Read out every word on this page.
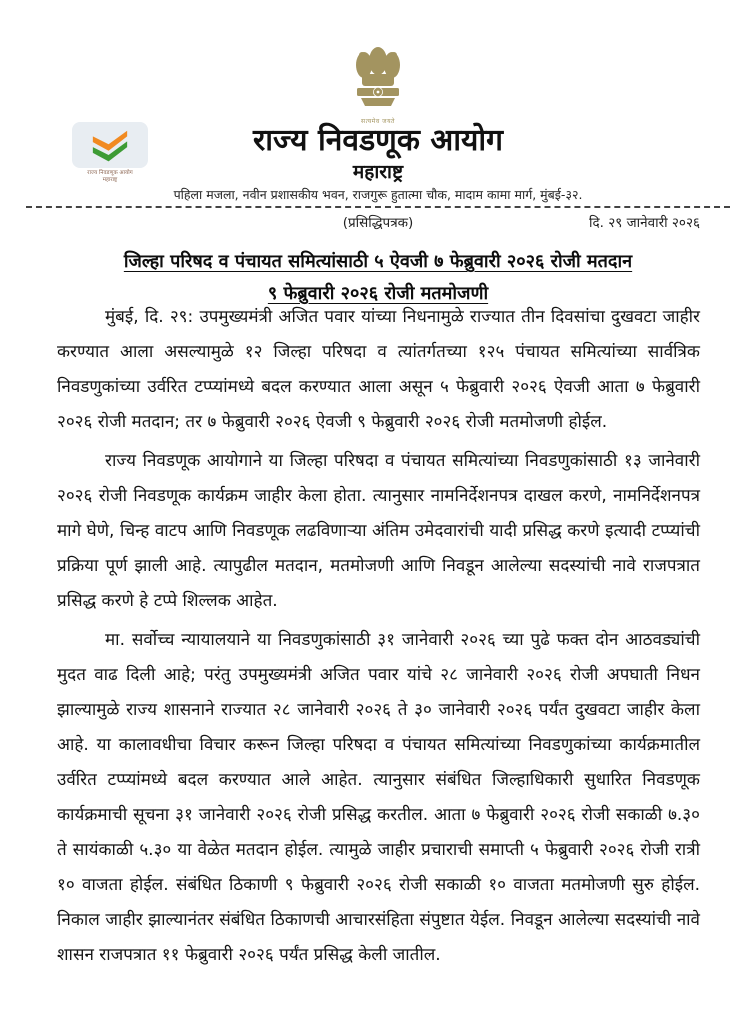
सत्यमेव जयते
राज्य निवडणूक आयोग
महाराष्ट्र
राज्य निवडणूक आयोग
महाराष्ट्र
पहिला मजला, नवीन प्रशासकीय भवन, राजगुरू हुतात्मा चौक, मादाम कामा मार्ग, मुंबई-३२.
(प्रसिद्धिपत्रक)	दि. २९ जानेवारी २०२६
जिल्हा परिषद व पंचायत समित्यांसाठी ५ ऐवजी ७ फेब्रुवारी २०२६ रोजी मतदान
९ फेब्रुवारी २०२६ रोजी मतमोजणी

मुंबई, दि. २९: उपमुख्यमंत्री अजित पवार यांच्या निधनामुळे राज्यात तीन दिवसांचा दुखवटा जाहीर करण्यात आला असल्यामुळे १२ जिल्हा परिषदा व त्यांतर्गतच्या १२५ पंचायत समित्यांच्या सार्वत्रिक निवडणुकांच्या उर्वरित टप्प्यांमध्ये बदल करण्यात आला असून ५ फेब्रुवारी २०२६ ऐवजी आता ७ फेब्रुवारी २०२६ रोजी मतदान; तर ७ फेब्रुवारी २०२६ ऐवजी ९ फेब्रुवारी २०२६ रोजी मतमोजणी होईल.

राज्य निवडणूक आयोगाने या जिल्हा परिषदा व पंचायत समित्यांच्या निवडणुकांसाठी १३ जानेवारी २०२६ रोजी निवडणूक कार्यक्रम जाहीर केला होता. त्यानुसार नामनिर्देशनपत्र दाखल करणे, नामनिर्देशनपत्र मागे घेणे, चिन्ह वाटप आणि निवडणूक लढविणाऱ्या अंतिम उमेदवारांची यादी प्रसिद्ध करणे इत्यादी टप्प्यांची प्रक्रिया पूर्ण झाली आहे. त्यापुढील मतदान, मतमोजणी आणि निवडून आलेल्या सदस्यांची नावे राजपत्रात प्रसिद्ध करणे हे टप्पे शिल्लक आहेत.

मा. सर्वोच्च न्यायालयाने या निवडणुकांसाठी ३१ जानेवारी २०२६ च्या पुढे फक्त दोन आठवड्यांची मुदत वाढ दिली आहे; परंतु उपमुख्यमंत्री अजित पवार यांचे २८ जानेवारी २०२६ रोजी अपघाती निधन झाल्यामुळे राज्य शासनाने राज्यात २८ जानेवारी २०२६ ते ३० जानेवारी २०२६ पर्यंत दुखवटा जाहीर केला आहे. या कालावधीचा विचार करून जिल्हा परिषदा व पंचायत समित्यांच्या निवडणुकांच्या कार्यक्रमातील उर्वरित टप्प्यांमध्ये बदल करण्यात आले आहेत. त्यानुसार संबंधित जिल्हाधिकारी सुधारित निवडणूक कार्यक्रमाची सूचना ३१ जानेवारी २०२६ रोजी प्रसिद्ध करतील. आता ७ फेब्रुवारी २०२६ रोजी सकाळी ७.३० ते सायंकाळी ५.३० या वेळेत मतदान होईल. त्यामुळे जाहीर प्रचाराची समाप्ती ५ फेब्रुवारी २०२६ रोजी रात्री १० वाजता होईल. संबंधित ठिकाणी ९ फेब्रुवारी २०२६ रोजी सकाळी १० वाजता मतमोजणी सुरु होईल. निकाल जाहीर झाल्यानंतर संबंधित ठिकाणची आचारसंहिता संपुष्टात येईल. निवडून आलेल्या सदस्यांची नावे शासन राजपत्रात ११ फेब्रुवारी २०२६ पर्यंत प्रसिद्ध केली जातील.
